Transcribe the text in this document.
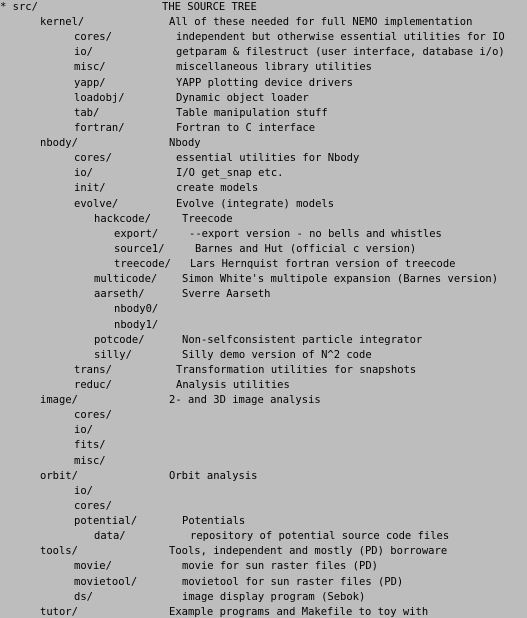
* src/	THE SOURCE TREE
kernel/	All of these needed for full NEMO implementation
cores/	independent but otherwise essential utilities for IO
io/	getparam & filestruct (user interface, database i/o)
misc/	miscellaneous library utilities
yapp/	YAPP plotting device drivers
loadobj/	Dynamic object loader
tab/	Table manipulation stuff
fortran/	Fortran to C interface
nbody/	Nbody
cores/	essential utilities for Nbody
io/	I/O get_snap etc.
init/	create models
evolve/	Evolve (integrate) models
hackcode/	Treecode
export/	--export version - no bells and whistles
source1/	Barnes and Hut (official c version)
treecode/ Lars Hernquist fortran version of treecode
multicode/ Simon White's multipole expansion (Barnes version)
aarseth/	Sverre Aarseth
nbody0/
nbody1/
potcode/	Non-selfconsistent particle integrator
silly/	Silly demo version of N^2 code
trans/	Transformation utilities for snapshots
reduc/	Analysis utilities
image/	2- and 3D image analysis
cores/
io/
fits/
misc/
orbit/	Orbit analysis
io/
cores/
potential/	Potentials
data/	repository of potential source code files
tools/	Tools, independent and mostly (PD) borroware
movie/	movie for sun raster files (PD)
movietool/	movietool for sun raster files (PD)
ds/	image display program (Sebok)
tutor/	Example programs and Makefile to toy with
